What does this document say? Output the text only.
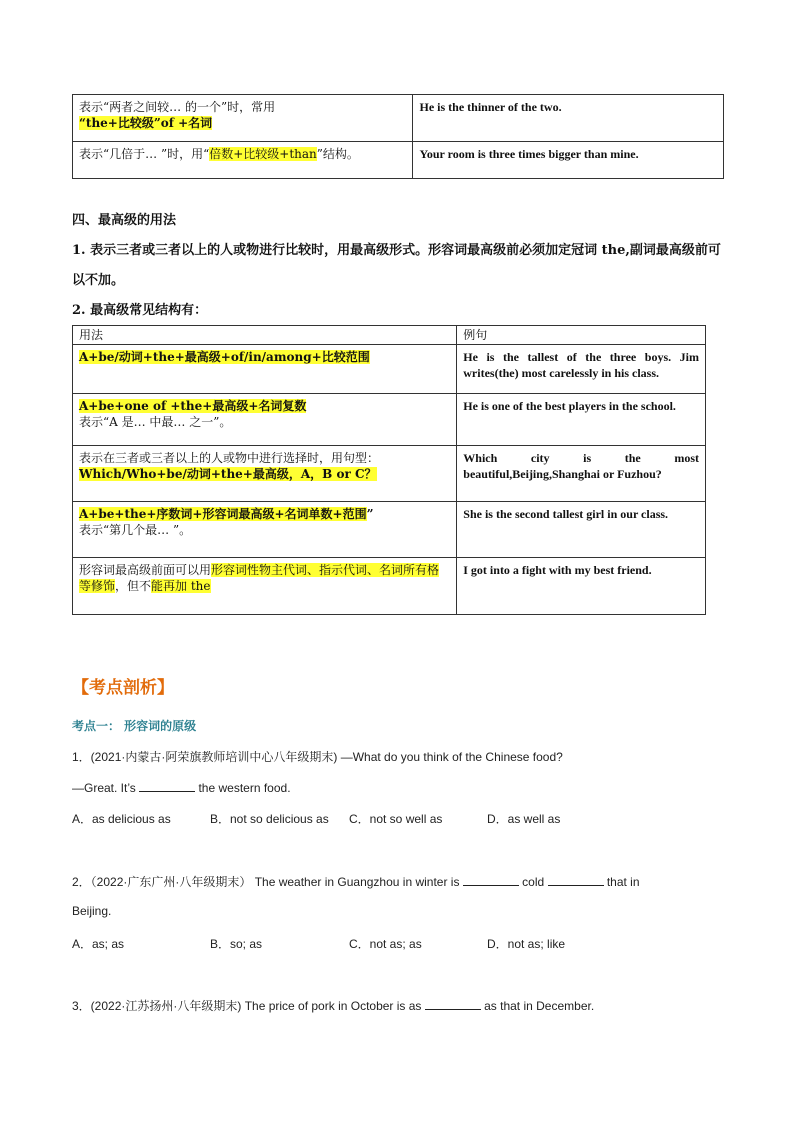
表示“两者之间较… 的一个”时，常用
“the+比较级”of +名词	He is the thinner of the two.
表示“几倍于… ”时，用“倍数+比较级+than”结构。	Your room is three times bigger than mine.
四、最高级的用法
1. 表示三者或三者以上的人或物进行比较时，用最高级形式。形容词最高级前必须加定冠词 the,副词最高级前可以不加。
2. 最高级常见结构有：
用法	例句
A+be/动词+the+最高级+of/in/among+比较范围	He is the tallest of the three boys. Jim writes(the) most carelessly in his class.
A+be+one of +the+最高级+名词复数
表示“A 是… 中最… 之一”。	He is one of the best players in the school.
表示在三者或三者以上的人或物中进行选择时，用句型：
Which/Who+be/动词+the+最高级，A，B or C？	Which city is the most beautiful,Beijing,Shanghai or Fuzhou?
A+be+the+序数词+形容词最高级+名词单数+范围”
表示“第几个最… ”。	She is the second tallest girl in our class.
形容词最高级前面可以用形容词性物主代词、指示代词、名词所有格等修饰，但不能再加 the	I got into a fight with my best friend.
【考点剖析】
考点一： 形容词的原级
1．(2021·内蒙古·阿荣旗教师培训中心八年级期末) —What do you think of the Chinese food?
—Great. It’s	the western food.
A．as delicious as	B．not so delicious as C．not so well as	D．as well as
2．（2022·广东广州·八年级期末） The weather in Guangzhou in winter is	cold	that in
Beijing.
A．as; as	B．so; as	C．not as; as	D．not as; like
3．(2022·江苏扬州·八年级期末) The price of pork in October is as	as that in December.
